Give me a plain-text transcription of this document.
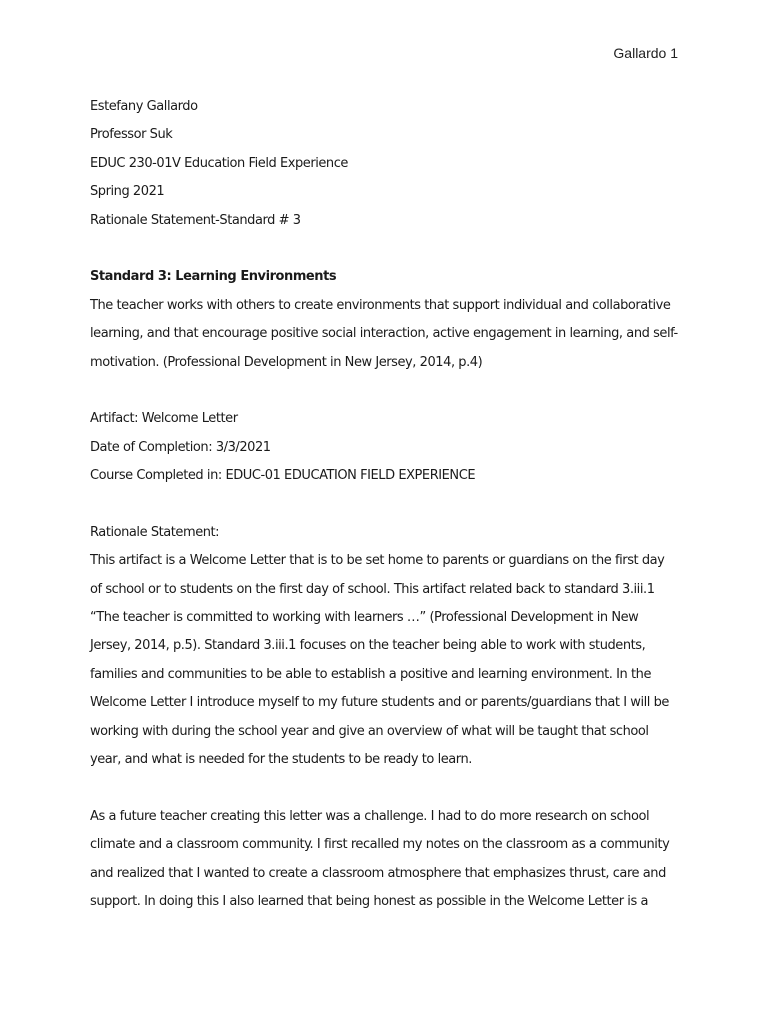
Gallardo 1
Estefany Gallardo
Professor Suk
EDUC 230-01V Education Field Experience
Spring 2021
Rationale Statement-Standard # 3
Standard 3: Learning Environments
The teacher works with others to create environments that support individual and collaborative
learning, and that encourage positive social interaction, active engagement in learning, and self-
motivation. (Professional Development in New Jersey, 2014, p.4)
Artifact: Welcome Letter
Date of Completion: 3/3/2021
Course Completed in: EDUC-01 EDUCATION FIELD EXPERIENCE
Rationale Statement:
This artifact is a Welcome Letter that is to be set home to parents or guardians on the first day
of school or to students on the first day of school. This artifact related back to standard 3.iii.1
“The teacher is committed to working with learners …” (Professional Development in New
Jersey, 2014, p.5). Standard 3.iii.1 focuses on the teacher being able to work with students,
families and communities to be able to establish a positive and learning environment. In the
Welcome Letter I introduce myself to my future students and or parents/guardians that I will be
working with during the school year and give an overview of what will be taught that school
year, and what is needed for the students to be ready to learn.
As a future teacher creating this letter was a challenge. I had to do more research on school
climate and a classroom community. I first recalled my notes on the classroom as a community
and realized that I wanted to create a classroom atmosphere that emphasizes thrust, care and
support. In doing this I also learned that being honest as possible in the Welcome Letter is a
